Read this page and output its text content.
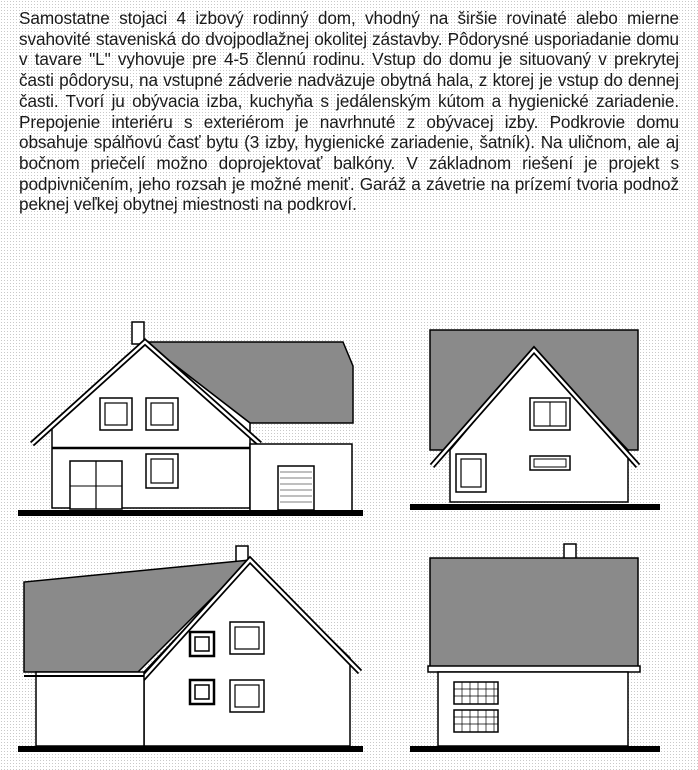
Samostatne stojaci 4 izbový rodinný dom, vhodný na širšie rovinaté alebo mierne svahovité staveniská do dvojpodlažnej okolitej zástavby. Pôdorysné usporiadanie domu v tavare "L" vyhovuje pre 4-5 člennú rodinu. Vstup do domu je situovaný v prekrytej časti pôdorysu, na vstupné zádverie nadväzuje obytná hala, z ktorej je vstup do dennej časti. Tvorí ju obývacia izba, kuchyňa s jedálenským kútom a hygienické zariadenie. Prepojenie interiéru s exteriérom je navrhnuté z obývacej izby. Podkrovie domu obsahuje spálňovú časť bytu (3 izby, hygienické zariadenie, šatník). Na uličnom, ale aj bočnom priečelí možno doprojektovať balkóny. V základnom riešení je projekt s podpivničením, jeho rozsah je možné meniť. Garáž a závetrie na prízemí tvoria podnož peknej veľkej obytnej miestnosti na podkroví.
